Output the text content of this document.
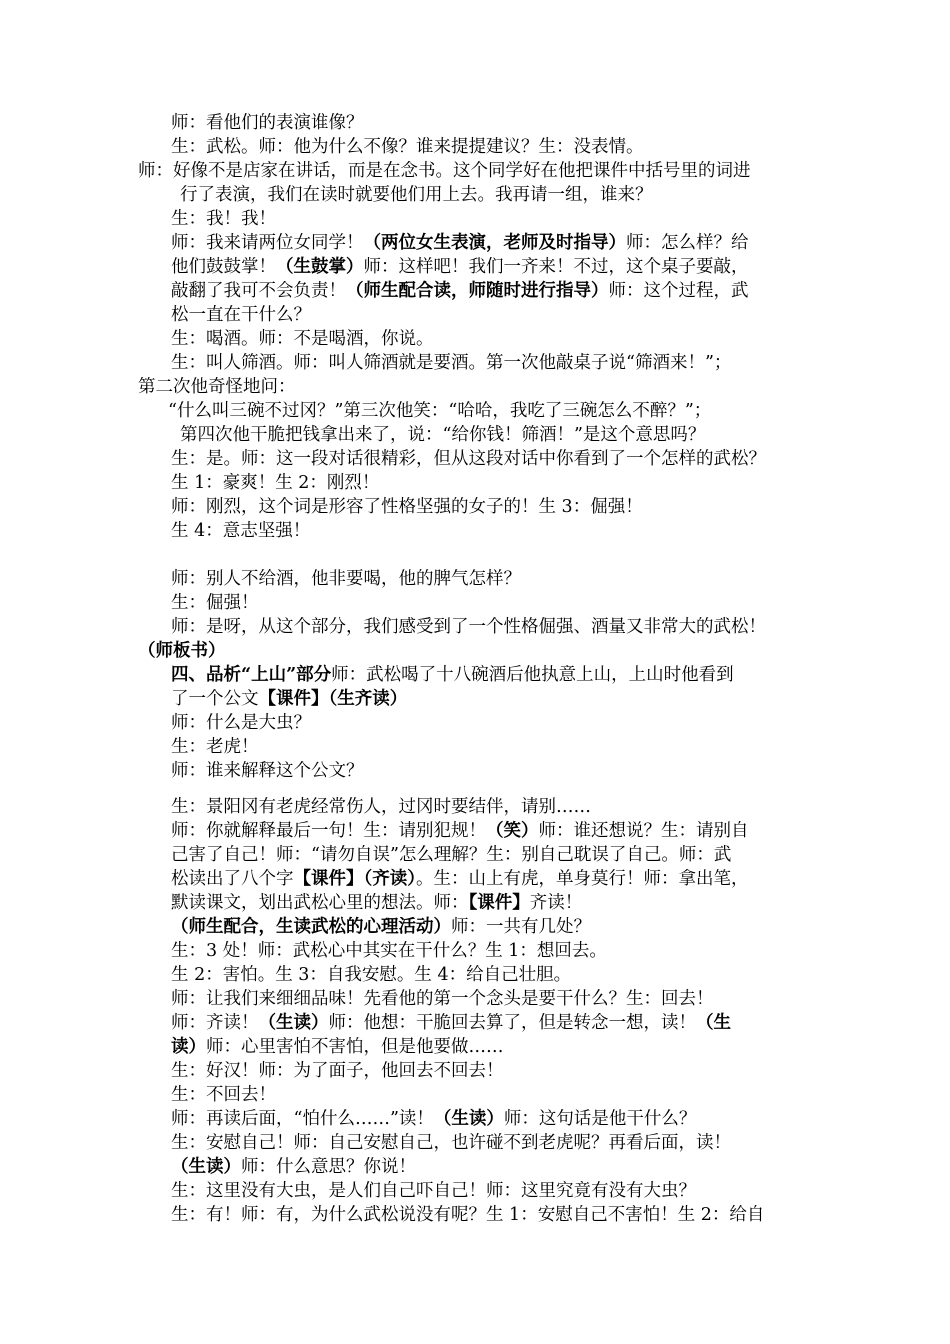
师：看他们的表演谁像？
生：武松。师：他为什么不像？谁来提提建议？生：没表情。
师：好像不是店家在讲话，而是在念书。这个同学好在他把课件中括号里的词进
行了表演，我们在读时就要他们用上去。我再请一组，谁来？
生：我！我！
师：我来请两位女同学！（两位女生表演，老师及时指导）师：怎么样？给
他们鼓鼓掌！（生鼓掌）师：这样吧！我们一齐来！不过，这个桌子要敲，
敲翻了我可不会负责！（师生配合读，师随时进行指导）师：这个过程，武
松一直在干什么？
生：喝酒。师：不是喝酒，你说。
生：叫人筛酒。师：叫人筛酒就是要酒。第一次他敲桌子说“筛酒来！”；
第二次他奇怪地问：
“什么叫三碗不过冈？”第三次他笑：“哈哈，我吃了三碗怎么不醉？”；
第四次他干脆把钱拿出来了，说：“给你钱！筛酒！”是这个意思吗？
生：是。师：这一段对话很精彩，但从这段对话中你看到了一个怎样的武松？
生 1：豪爽！生 2：刚烈！
师：刚烈，这个词是形容了性格坚强的女子的！生 3：倔强！
生 4：意志坚强！
师：别人不给酒，他非要喝，他的脾气怎样？
生：倔强！
师：是呀，从这个部分，我们感受到了一个性格倔强、酒量又非常大的武松！
（师板书）
四、品析“上山”部分师：武松喝了十八碗酒后他执意上山，上山时他看到
了一个公文【课件】（生齐读）
师：什么是大虫？
生：老虎！
师：谁来解释这个公文？
生：景阳冈有老虎经常伤人，过冈时要结伴，请别……
师：你就解释最后一句！生：请别犯规！（笑）师：谁还想说？生：请别自
己害了自己！师：“请勿自误”怎么理解？生：别自己耽误了自己。师：武
松读出了八个字【课件】（齐读）。生：山上有虎，单身莫行！师：拿出笔，
默读课文，划出武松心里的想法。师：【课件】齐读！
（师生配合，生读武松的心理活动）师：一共有几处？
生：3 处！师：武松心中其实在干什么？生 1：想回去。
生 2：害怕。生 3：自我安慰。生 4：给自己壮胆。
师：让我们来细细品味！先看他的第一个念头是要干什么？生：回去！
师：齐读！（生读）师：他想：干脆回去算了，但是转念一想，读！（生
读）师：心里害怕不害怕，但是他要做……
生：好汉！师：为了面子，他回去不回去！
生：不回去！
师：再读后面，“怕什么……”读！（生读）师：这句话是他干什么？
生：安慰自己！师：自己安慰自己，也许碰不到老虎呢？再看后面，读！
（生读）师：什么意思？你说！
生：这里没有大虫，是人们自己吓自己！师：这里究竟有没有大虫？
生：有！师：有，为什么武松说没有呢？生 1：安慰自己不害怕！生 2：给自
